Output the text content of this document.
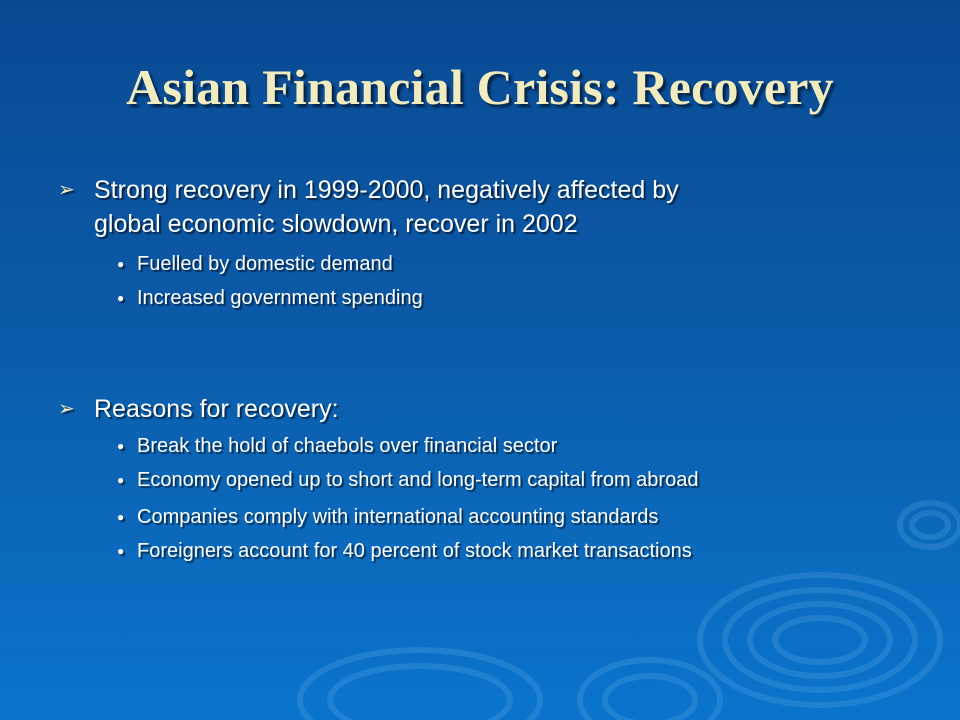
Asian Financial Crisis: Recovery
➢ Strong recovery in 1999-2000, negatively affected by
global economic slowdown, recover in 2002
● Fuelled by domestic demand
● Increased government spending
➢ Reasons for recovery:
● Break the hold of chaebols over financial sector
● Economy opened up to short and long-term capital from abroad
● Companies comply with international accounting standards
● Foreigners account for 40 percent of stock market transactions
